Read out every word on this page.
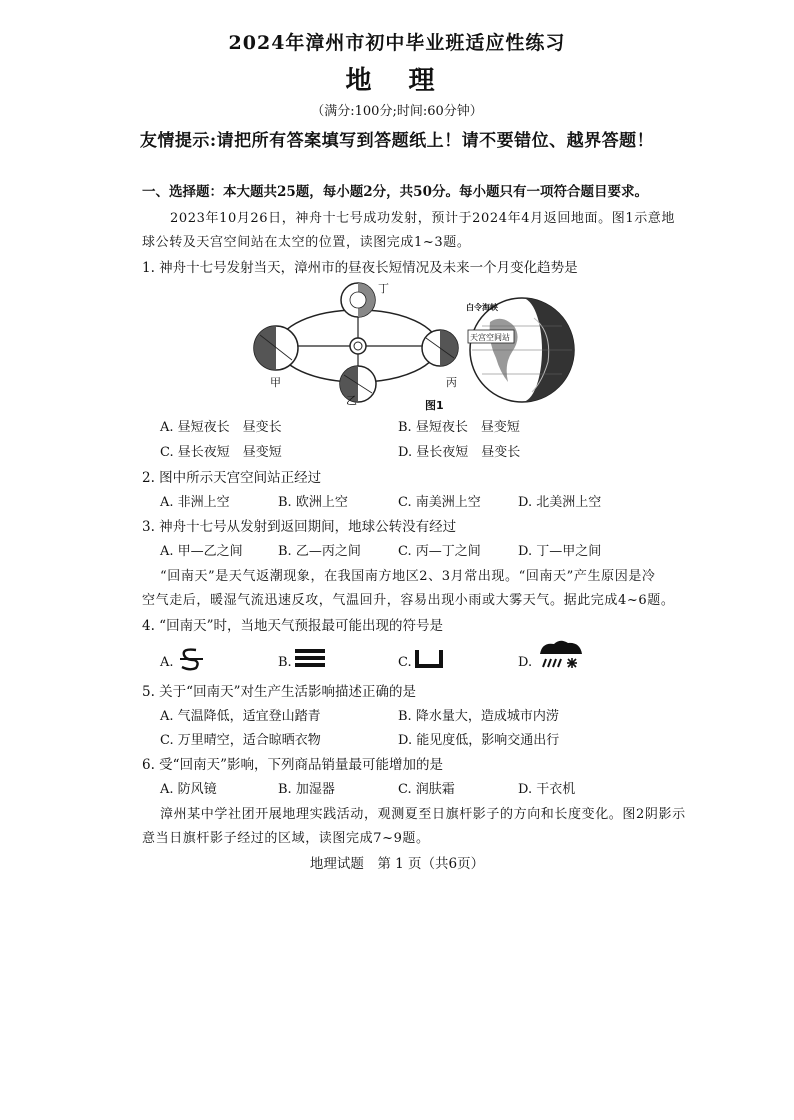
2024年漳州市初中毕业班适应性练习
地 理
（满分:100分;时间:60分钟）
友情提示:请把所有答案填写到答题纸上！请不要错位、越界答题！
一、选择题：本大题共25题，每小题2分，共50分。每小题只有一项符合题目要求。
2023年10月26日，神舟十七号成功发射，预计于2024年4月返回地面。图1示意地
球公转及天宫空间站在太空的位置，读图完成1~3题。
1. 神舟十七号发射当天，漳州市的昼夜长短情况及未来一个月变化趋势是
甲
乙
丙
丁
天宫空间站
白令海峡
图1
A. 昼短夜长　昼变长	B. 昼短夜长　昼变短
C. 昼长夜短　昼变短	D. 昼长夜短　昼变长
2. 图中所示天宫空间站正经过
A. 非洲上空	B. 欧洲上空	C. 南美洲上空	D. 北美洲上空
3. 神舟十七号从发射到返回期间，地球公转没有经过
A. 甲—乙之间	B. 乙—丙之间	C. 丙—丁之间	D. 丁—甲之间
“回南天”是天气返潮现象，在我国南方地区2、3月常出现。“回南天”产生原因是冷
空气走后，暖湿气流迅速反攻，气温回升，容易出现小雨或大雾天气。据此完成4~6题。
4. “回南天”时，当地天气预报最可能出现的符号是
A.	B.	C.	D.
5. 关于“回南天”对生产生活影响描述正确的是
A. 气温降低，适宜登山踏青	B. 降水量大，造成城市内涝
C. 万里晴空，适合晾晒衣物	D. 能见度低，影响交通出行
6. 受“回南天”影响，下列商品销量最可能增加的是
A. 防风镜	B. 加湿器	C. 润肤霜	D. 干衣机
漳州某中学社团开展地理实践活动，观测夏至日旗杆影子的方向和长度变化。图2阴影示
意当日旗杆影子经过的区域，读图完成7~9题。
地理试题　第 1 页（共6页）
